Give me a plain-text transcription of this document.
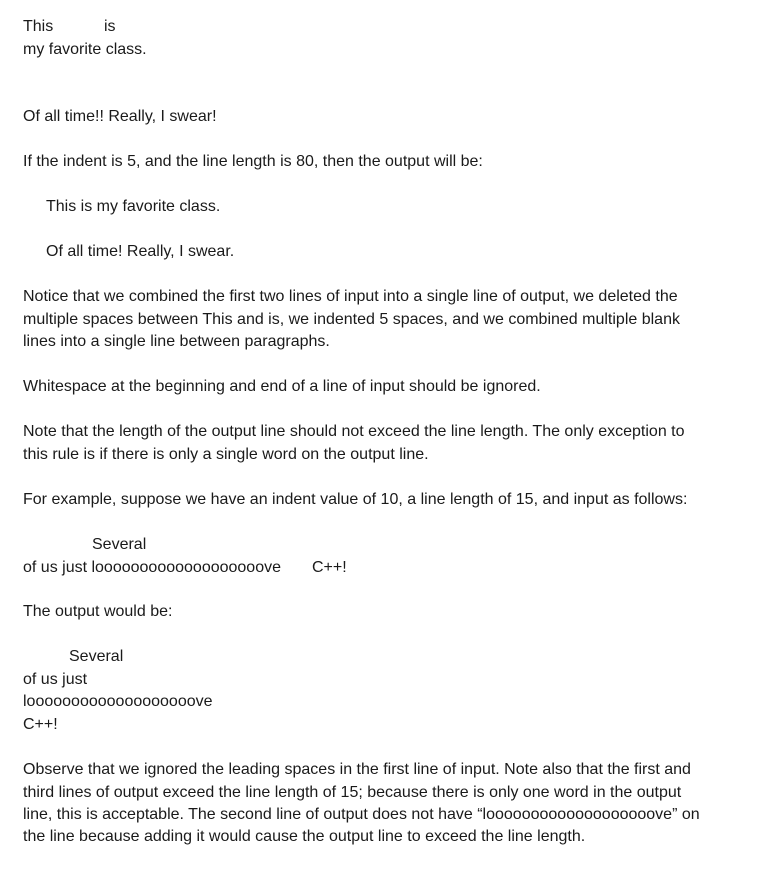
This	is
my favorite class.
Of all time!! Really, I swear!
If the indent is 5, and the line length is 80, then the output will be:
This is my favorite class.
Of all time! Really, I swear.
Notice that we combined the first two lines of input into a single line of output, we deleted the
multiple spaces between This and is, we indented 5 spaces, and we combined multiple blank
lines into a single line between paragraphs.
Whitespace at the beginning and end of a line of input should be ignored.
Note that the length of the output line should not exceed the line length. The only exception to
this rule is if there is only a single word on the output line.
For example, suppose we have an indent value of 10, a line length of 15, and input as follows:
Several
of us just looooooooooooooooooove C++!
The output would be:
Several
of us just
looooooooooooooooooove
C++!
Observe that we ignored the leading spaces in the first line of input. Note also that the first and
third lines of output exceed the line length of 15; because there is only one word in the output
line, this is acceptable. The second line of output does not have “looooooooooooooooooove” on
the line because adding it would cause the output line to exceed the line length.
